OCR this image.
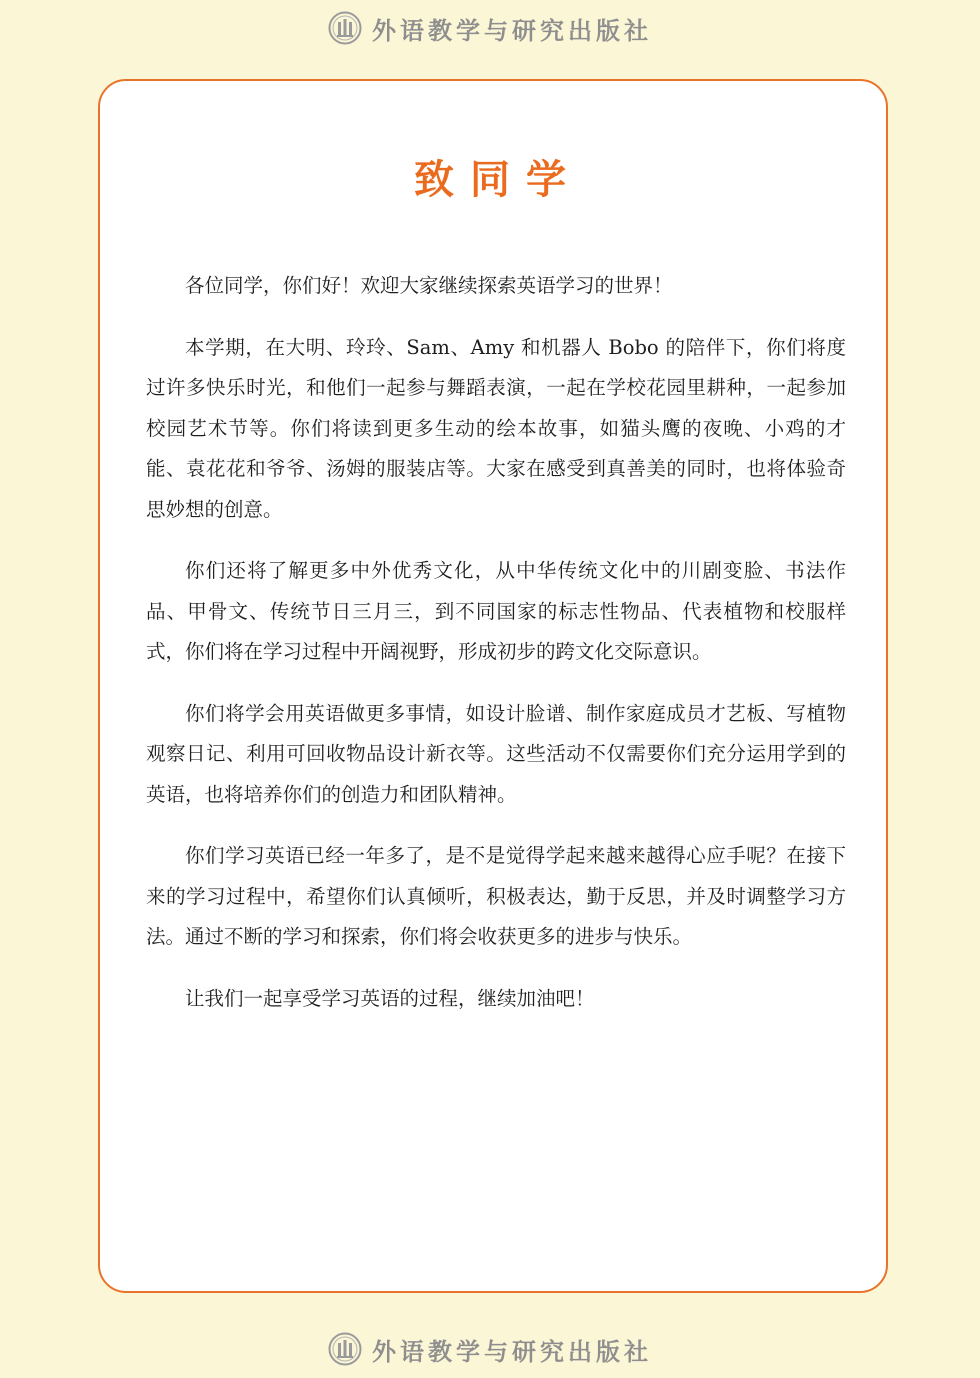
外语教学与研究出版社
致同学

各位同学，你们好！欢迎大家继续探索英语学习的世界！

本学期，在大明、玲玲、Sam、Amy 和机器人 Bobo 的陪伴下，你们将度过许多快乐时光，和他们一起参与舞蹈表演，一起在学校花园里耕种，一起参加校园艺术节等。你们将读到更多生动的绘本故事，如猫头鹰的夜晚、小鸡的才能、袁花花和爷爷、汤姆的服装店等。大家在感受到真善美的同时，也将体验奇思妙想的创意。

你们还将了解更多中外优秀文化，从中华传统文化中的川剧变脸、书法作品、甲骨文、传统节日三月三，到不同国家的标志性物品、代表植物和校服样式，你们将在学习过程中开阔视野，形成初步的跨文化交际意识。

你们将学会用英语做更多事情，如设计脸谱、制作家庭成员才艺板、写植物观察日记、利用可回收物品设计新衣等。这些活动不仅需要你们充分运用学到的英语，也将培养你们的创造力和团队精神。

你们学习英语已经一年多了，是不是觉得学起来越来越得心应手呢？在接下来的学习过程中，希望你们认真倾听，积极表达，勤于反思，并及时调整学习方法。通过不断的学习和探索，你们将会收获更多的进步与快乐。

让我们一起享受学习英语的过程，继续加油吧！

外语教学与研究出版社
